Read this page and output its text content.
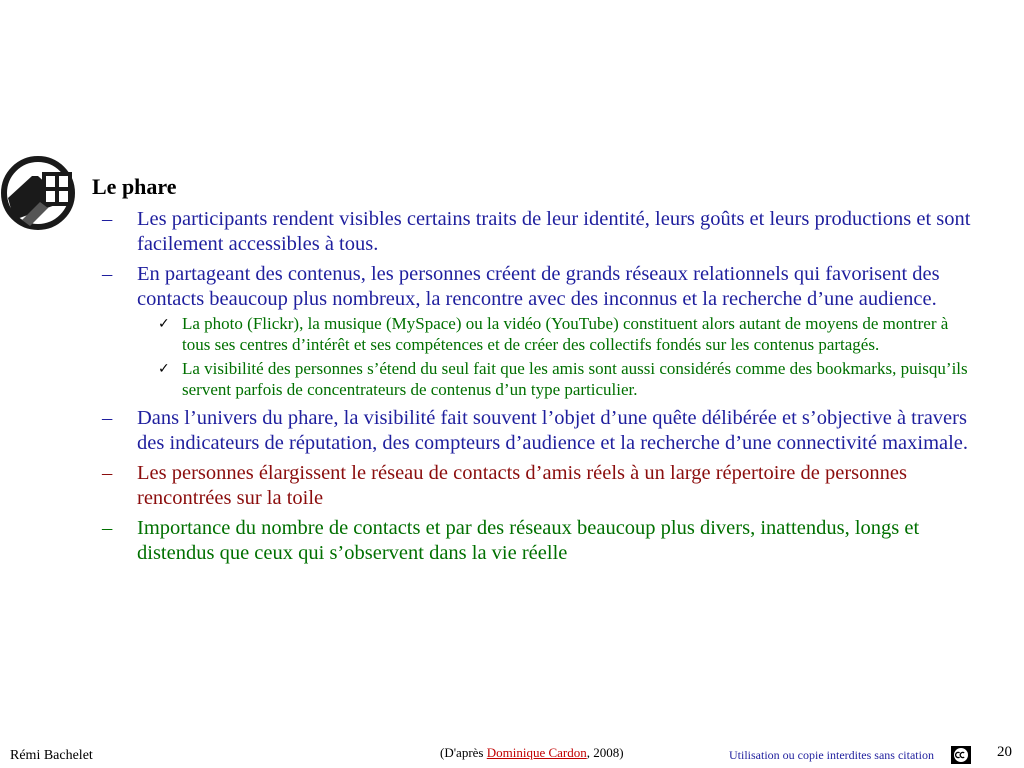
Le phare
– Les participants rendent visibles certains traits de leur identité, leurs goûts et leurs productions et sont facilement accessibles à tous.
– En partageant des contenus, les personnes créent de grands réseaux relationnels qui favorisent des contacts beaucoup plus nombreux, la rencontre avec des inconnus et la recherche d’une audience.
✓ La photo (Flickr), la musique (MySpace) ou la vidéo (YouTube) constituent alors autant de moyens de montrer à tous ses centres d’intérêt et ses compétences et de créer des collectifs fondés sur les contenus partagés.
✓ La visibilité des personnes s’étend du seul fait que les amis sont aussi considérés comme des bookmarks, puisqu’ils servent parfois de concentrateurs de contenus d’un type particulier.
– Dans l’univers du phare, la visibilité fait souvent l’objet d’une quête délibérée et s’objective à travers des indicateurs de réputation, des compteurs d’audience et la recherche d’une connectivité maximale.
– Les personnes élargissent le réseau de contacts d’amis réels à un large répertoire de personnes rencontrées sur la toile
– Importance du nombre de contacts et par des réseaux beaucoup plus divers, inattendus, longs et distendus que ceux qui s’observent dans la vie réelle
Rémi Bachelet	(D'après Dominique Cardon, 2008)	Utilisation ou copie interdites sans citation	20
